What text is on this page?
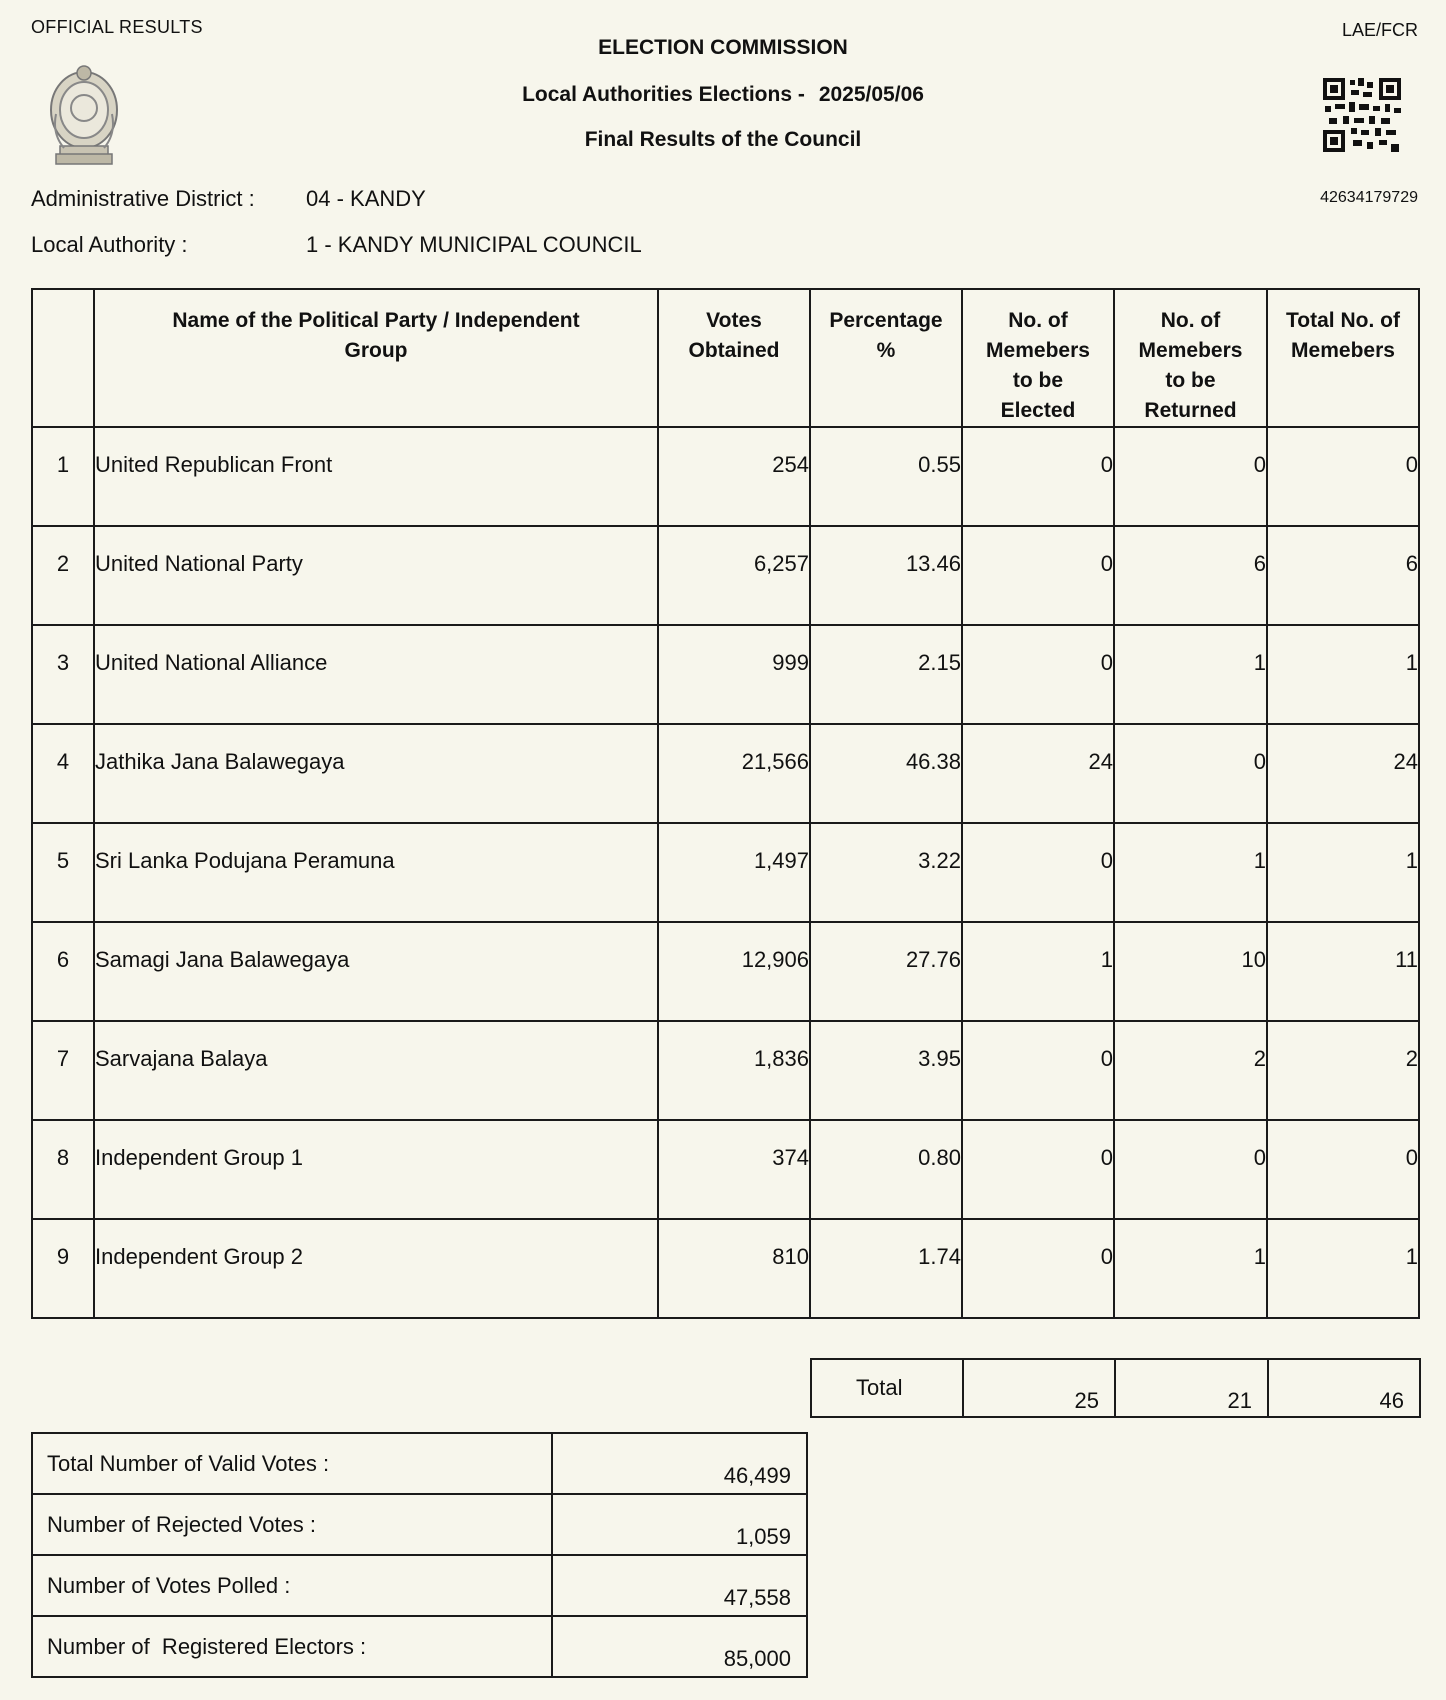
OFFICIAL RESULTS	LAE/FCR
ELECTION COMMISSION
Local Authorities Elections - 2025/05/06
Final Results of the Council
42634179729
Administrative District : 04 - KANDY
Local Authority :	1 - KANDY MUNICIPAL COUNCIL

	Name of the Political Party / Independent Group	Votes Obtained	Percentage %	No. of Memebers to be Elected	No. of Memebers to be Returned	Total No. of Memebers

1	United Republican Front	254	0.55	0	0	0
2	United National Party	6,257	13.46	0	6	6
3	United National Alliance	999	2.15	0	1	1
4	Jathika Jana Balawegaya	21,566	46.38	24	0	24
5	Sri Lanka Podujana Peramuna	1,497	3.22	0	1	1
6	Samagi Jana Balawegaya	12,906	27.76	1	10	11
7	Sarvajana Balaya	1,836	3.95	0	2	2
8	Independent Group 1	374	0.80	0	0	0
9	Independent Group 2	810	1.74	0	1	1
Total	25	21	46
Total Number of Valid Votes :	46,499
Number of Rejected Votes :	1,059
Number of Votes Polled :	47,558
Number of  Registered Electors :	85,000
